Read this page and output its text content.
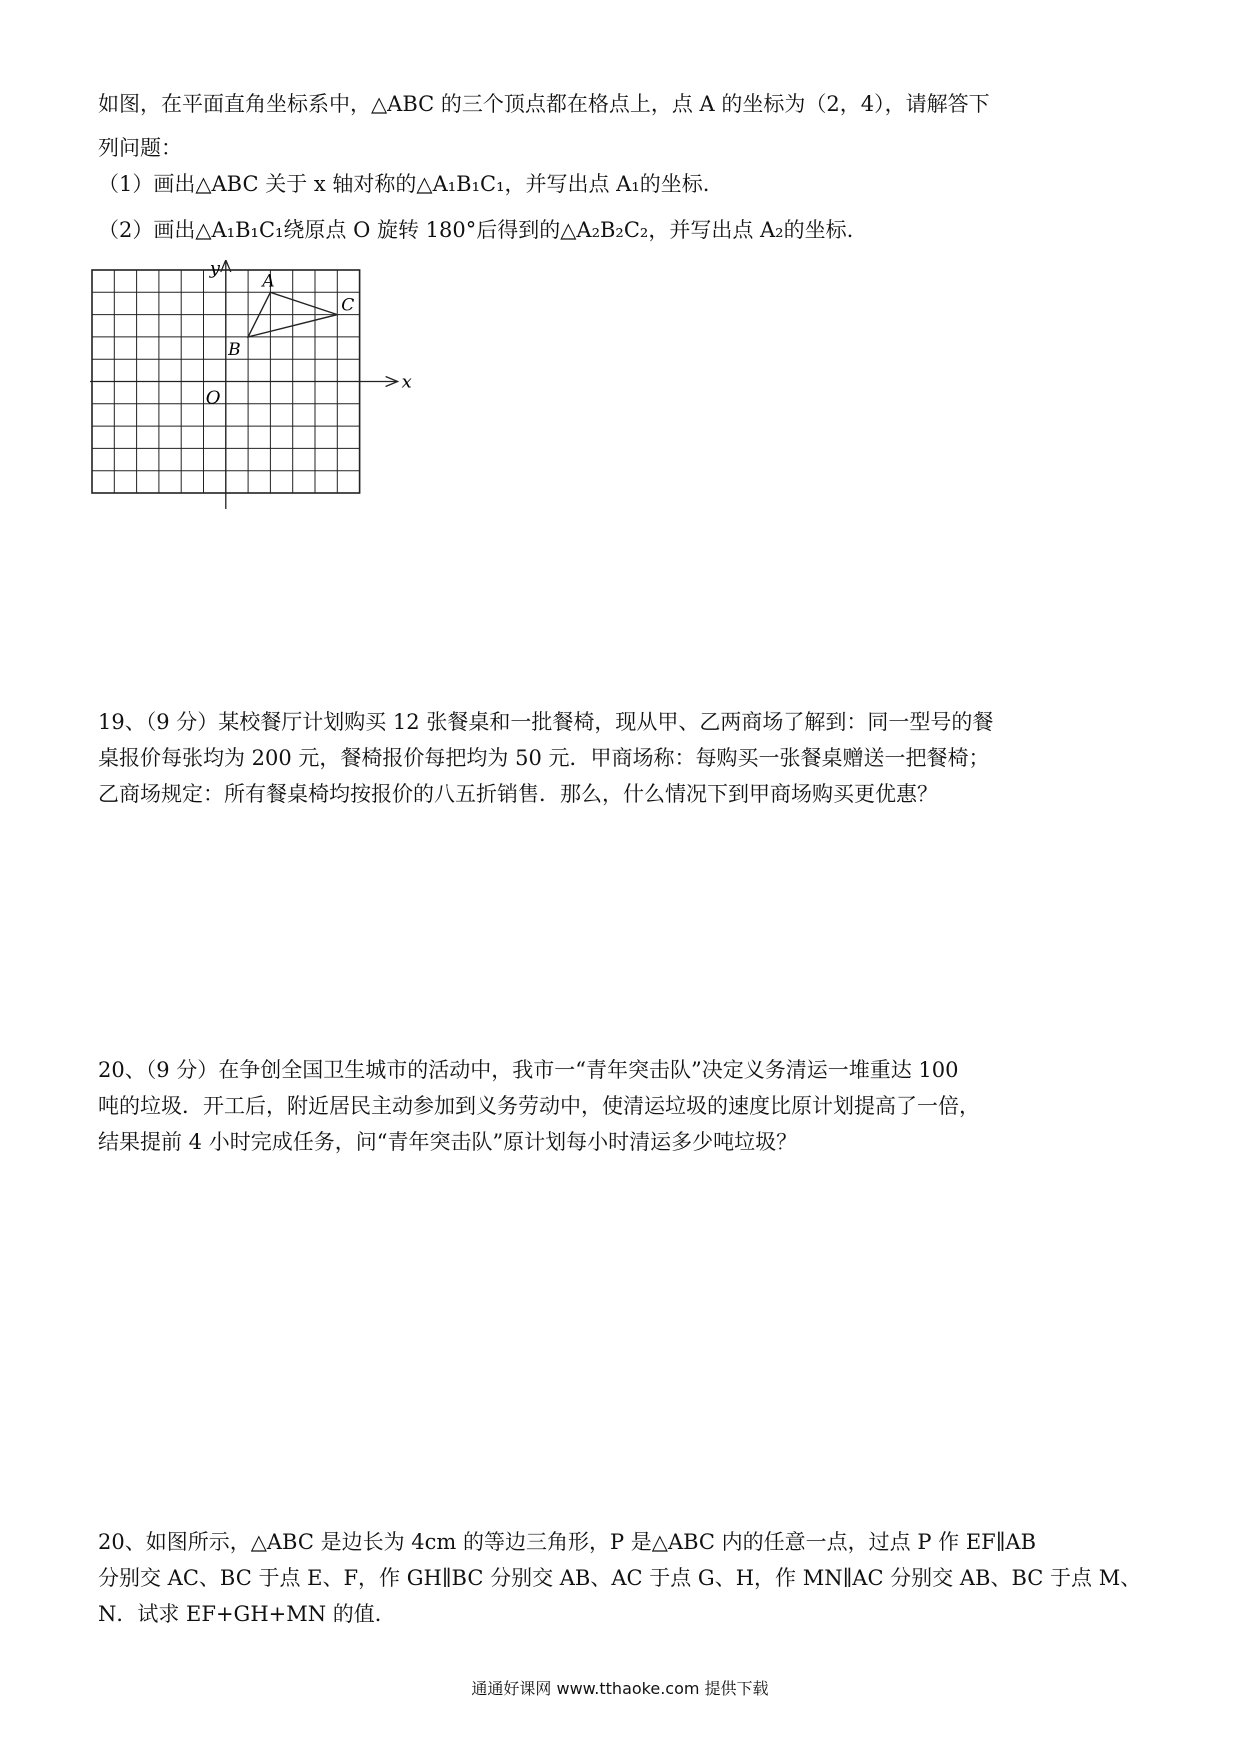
如图，在平面直角坐标系中，△ABC 的三个顶点都在格点上，点 A 的坐标为（2，4），请解答下
列问题：
（1）画出△ABC 关于 x 轴对称的△A₁B₁C₁，并写出点 A₁的坐标.
（2）画出△A₁B₁C₁绕原点 O 旋转 180°后得到的△A₂B₂C₂，并写出点 A₂的坐标.
x
y
O
A
B
C
19、（9 分）某校餐厅计划购买 12 张餐桌和一批餐椅，现从甲、乙两商场了解到：同一型号的餐
桌报价每张均为 200 元，餐椅报价每把均为 50 元．甲商场称：每购买一张餐桌赠送一把餐椅；
乙商场规定：所有餐桌椅均按报价的八五折销售．那么，什么情况下到甲商场购买更优惠？
20、（9 分）在争创全国卫生城市的活动中，我市一“青年突击队”决定义务清运一堆重达 100
吨的垃圾．开工后，附近居民主动参加到义务劳动中，使清运垃圾的速度比原计划提高了一倍，
结果提前 4 小时完成任务，问“青年突击队”原计划每小时清运多少吨垃圾？
20、如图所示，△ABC 是边长为 4cm 的等边三角形，P 是△ABC 内的任意一点，过点 P 作 EF∥AB
分别交 AC、BC 于点 E、F，作 GH∥BC 分别交 AB、AC 于点 G、H，作 MN∥AC 分别交 AB、BC 于点 M、
N．试求 EF+GH+MN 的值．
通通好课网 www.tthaoke.com 提供下载
